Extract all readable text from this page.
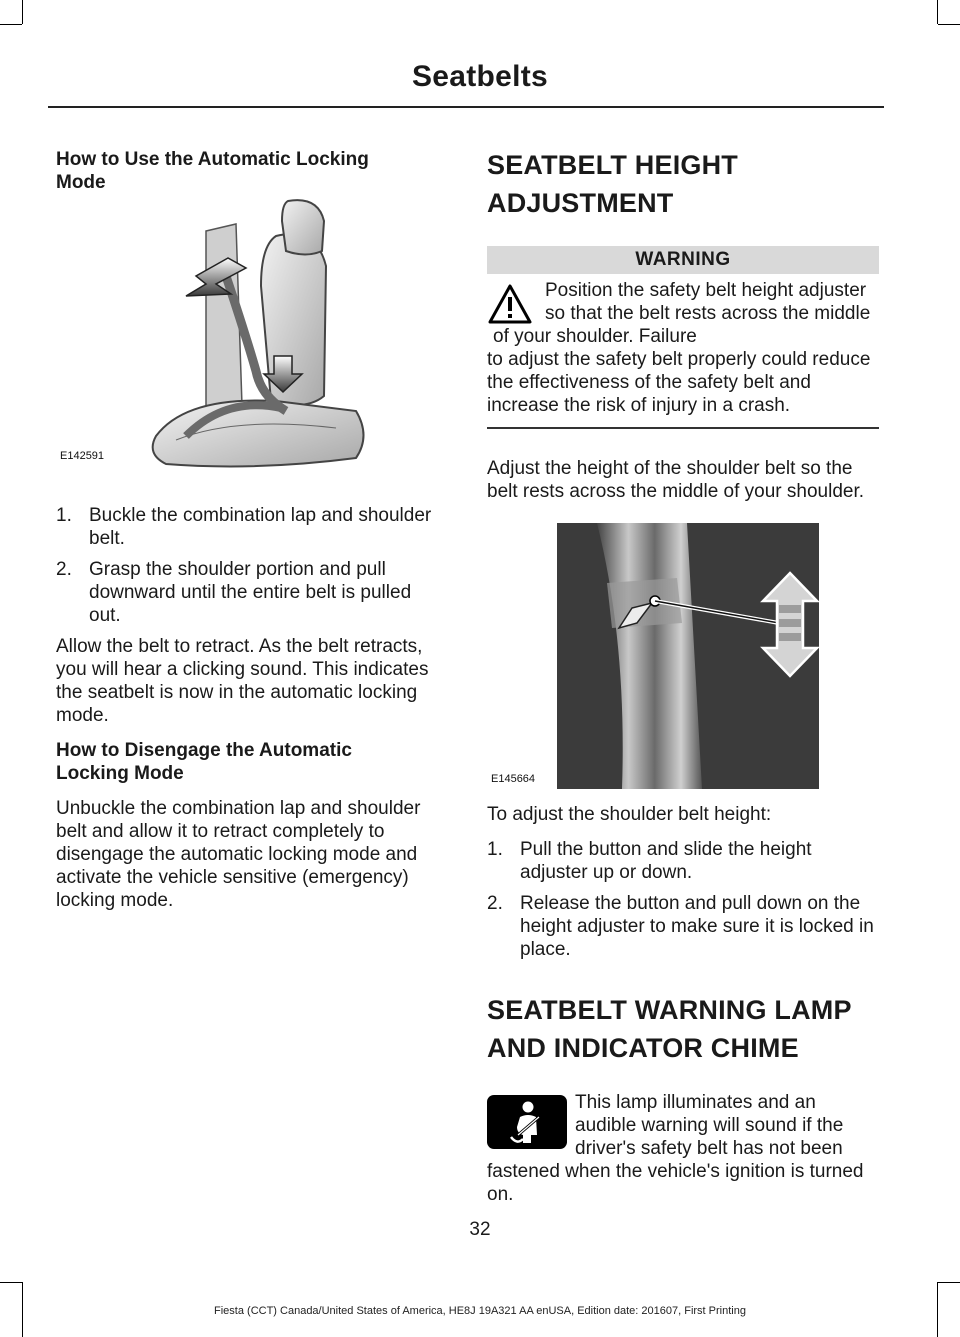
Seatbelts
How to Use the Automatic Locking Mode
E142591
1. Buckle the combination lap and shoulder belt.
2. Grasp the shoulder portion and pull downward until the entire belt is pulled out.

Allow the belt to retract. As the belt retracts, you will hear a clicking sound. This indicates the seatbelt is now in the automatic locking mode.

How to Disengage the Automatic Locking Mode

Unbuckle the combination lap and shoulder belt and allow it to retract completely to disengage the automatic locking mode and activate the vehicle sensitive (emergency) locking mode.

SEATBELT HEIGHT
ADJUSTMENT
WARNING

Position the safety belt height adjuster so that the belt rests across the middle of your shoulder. Failure

to adjust the safety belt properly could reduce the effectiveness of the safety belt and increase the risk of injury in a crash.

Adjust the height of the shoulder belt so the belt rests across the middle of your shoulder.

E145664

To adjust the shoulder belt height:

1. Pull the button and slide the height adjuster up or down.
2. Release the button and pull down on the height adjuster to make sure it is locked in place.
SEATBELT WARNING LAMP
AND INDICATOR CHIME

This lamp illuminates and an audible warning will sound if the driver's safety belt has not been

fastened when the vehicle's ignition is turned on.

32
Fiesta (CCT) Canada/United States of America, HE8J 19A321 AA enUSA, Edition date: 201607, First Printing
